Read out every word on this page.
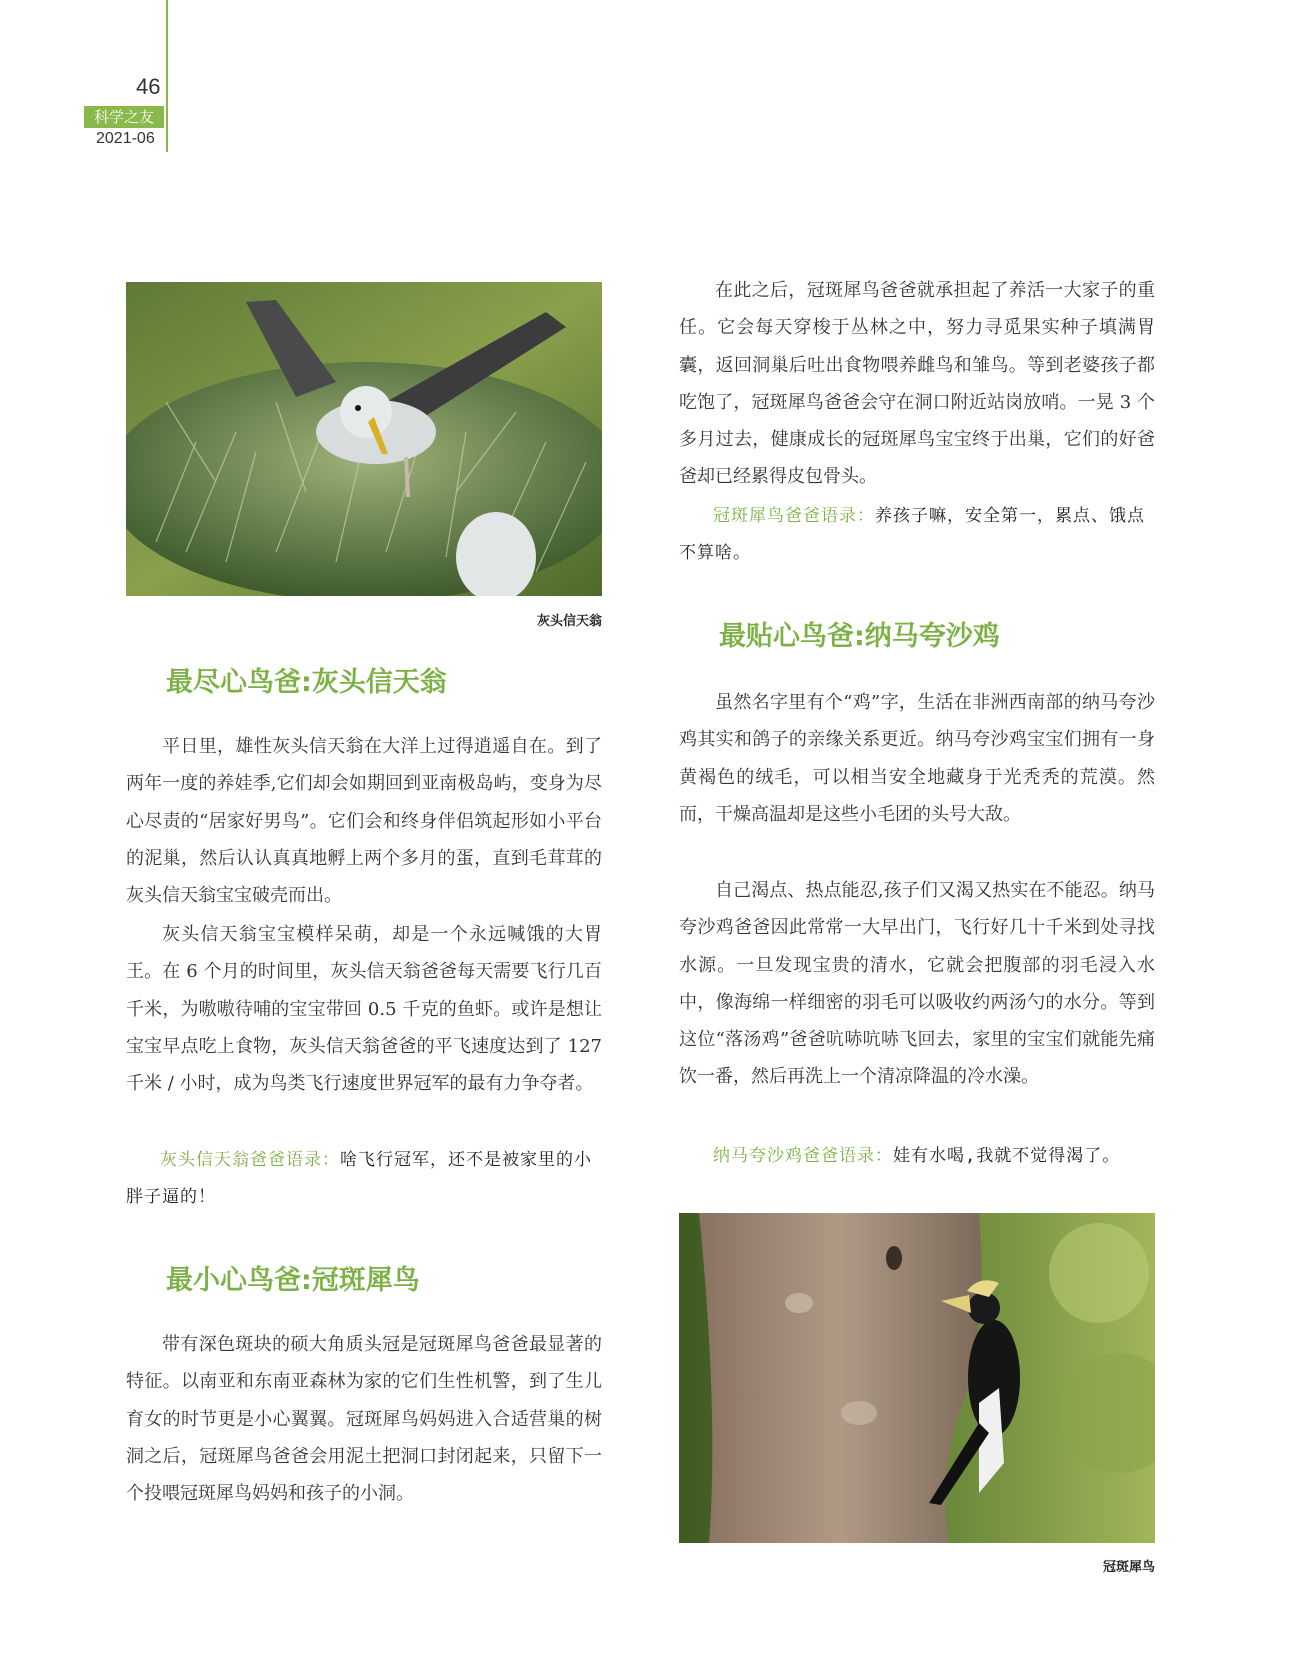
46
科学之友
2021-06
灰头信天翁
最尽心鸟爸:灰头信天翁

平日里，雄性灰头信天翁在大洋上过得逍遥自在。到了两年一度的养娃季,它们却会如期回到亚南极岛屿，变身为尽心尽责的“居家好男鸟”。它们会和终身伴侣筑起形如小平台的泥巢，然后认认真真地孵上两个多月的蛋，直到毛茸茸的灰头信天翁宝宝破壳而出。

灰头信天翁宝宝模样呆萌，却是一个永远喊饿的大胃王。在 6 个月的时间里，灰头信天翁爸爸每天需要飞行几百千米，为嗷嗷待哺的宝宝带回 0.5 千克的鱼虾。或许是想让宝宝早点吃上食物，灰头信天翁爸爸的平飞速度达到了 127 千米 / 小时，成为鸟类飞行速度世界冠军的最有力争夺者。

灰头信天翁爸爸语录：啥飞行冠军，还不是被家里的小胖子逼的！

最小心鸟爸:冠斑犀鸟

带有深色斑块的硕大角质头冠是冠斑犀鸟爸爸最显著的特征。以南亚和东南亚森林为家的它们生性机警，到了生儿育女的时节更是小心翼翼。冠斑犀鸟妈妈进入合适营巢的树洞之后，冠斑犀鸟爸爸会用泥土把洞口封闭起来，只留下一个投喂冠斑犀鸟妈妈和孩子的小洞。

在此之后，冠斑犀鸟爸爸就承担起了养活一大家子的重任。它会每天穿梭于丛林之中，努力寻觅果实种子填满胃囊，返回洞巢后吐出食物喂养雌鸟和雏鸟。等到老婆孩子都吃饱了，冠斑犀鸟爸爸会守在洞口附近站岗放哨。一晃 3 个多月过去，健康成长的冠斑犀鸟宝宝终于出巢，它们的好爸爸却已经累得皮包骨头。

冠斑犀鸟爸爸语录：养孩子嘛，安全第一，累点、饿点不算啥。

最贴心鸟爸:纳马夸沙鸡

虽然名字里有个“鸡”字，生活在非洲西南部的纳马夸沙鸡其实和鸽子的亲缘关系更近。纳马夸沙鸡宝宝们拥有一身黄褐色的绒毛，可以相当安全地藏身于光秃秃的荒漠。然而，干燥高温却是这些小毛团的头号大敌。

自己渴点、热点能忍,孩子们又渴又热实在不能忍。纳马夸沙鸡爸爸因此常常一大早出门，飞行好几十千米到处寻找水源。一旦发现宝贵的清水，它就会把腹部的羽毛浸入水中，像海绵一样细密的羽毛可以吸收约两汤勺的水分。等到这位“落汤鸡”爸爸吭哧吭哧飞回去，家里的宝宝们就能先痛饮一番，然后再洗上一个清凉降温的冷水澡。

纳马夸沙鸡爸爸语录：娃有水喝,我就不觉得渴了。

冠斑犀鸟
